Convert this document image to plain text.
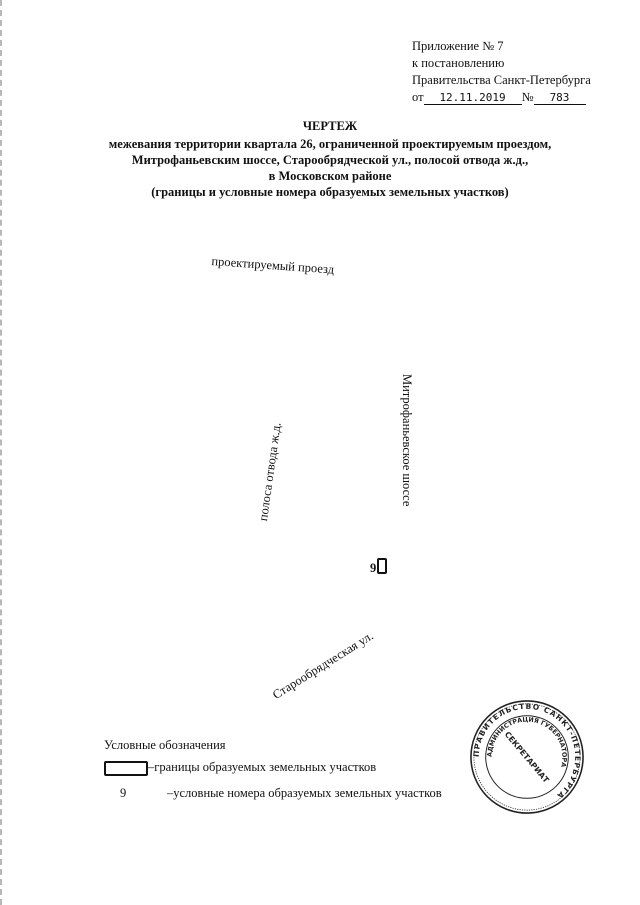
Приложение № 7
к постановлению
Правительства Санкт-Петербурга
от 12.11.2019 № 783
ЧЕРТЕЖ
межевания территории квартала 26, ограниченной проектируемым проездом,
Митрофаньевским шоссе, Старообрядческой ул., полосой отвода ж.д.,
в Московском районе
(границы и условные номера образуемых земельных участков)
проектируемый проезд
Митрофаньевское шоссе
полоса отвода ж.д.
Старообрядческая ул.
9
Условные обозначения
–границы образуемых земельных участков
9	–условные номера образуемых земельных участков
ПРАВИТЕЛЬСТВО САНКТ-ПЕТЕРБУРГА
АДМИНИСТРАЦИЯ ГУБЕРНАТОРА
СЕКРЕТАРИАТ
